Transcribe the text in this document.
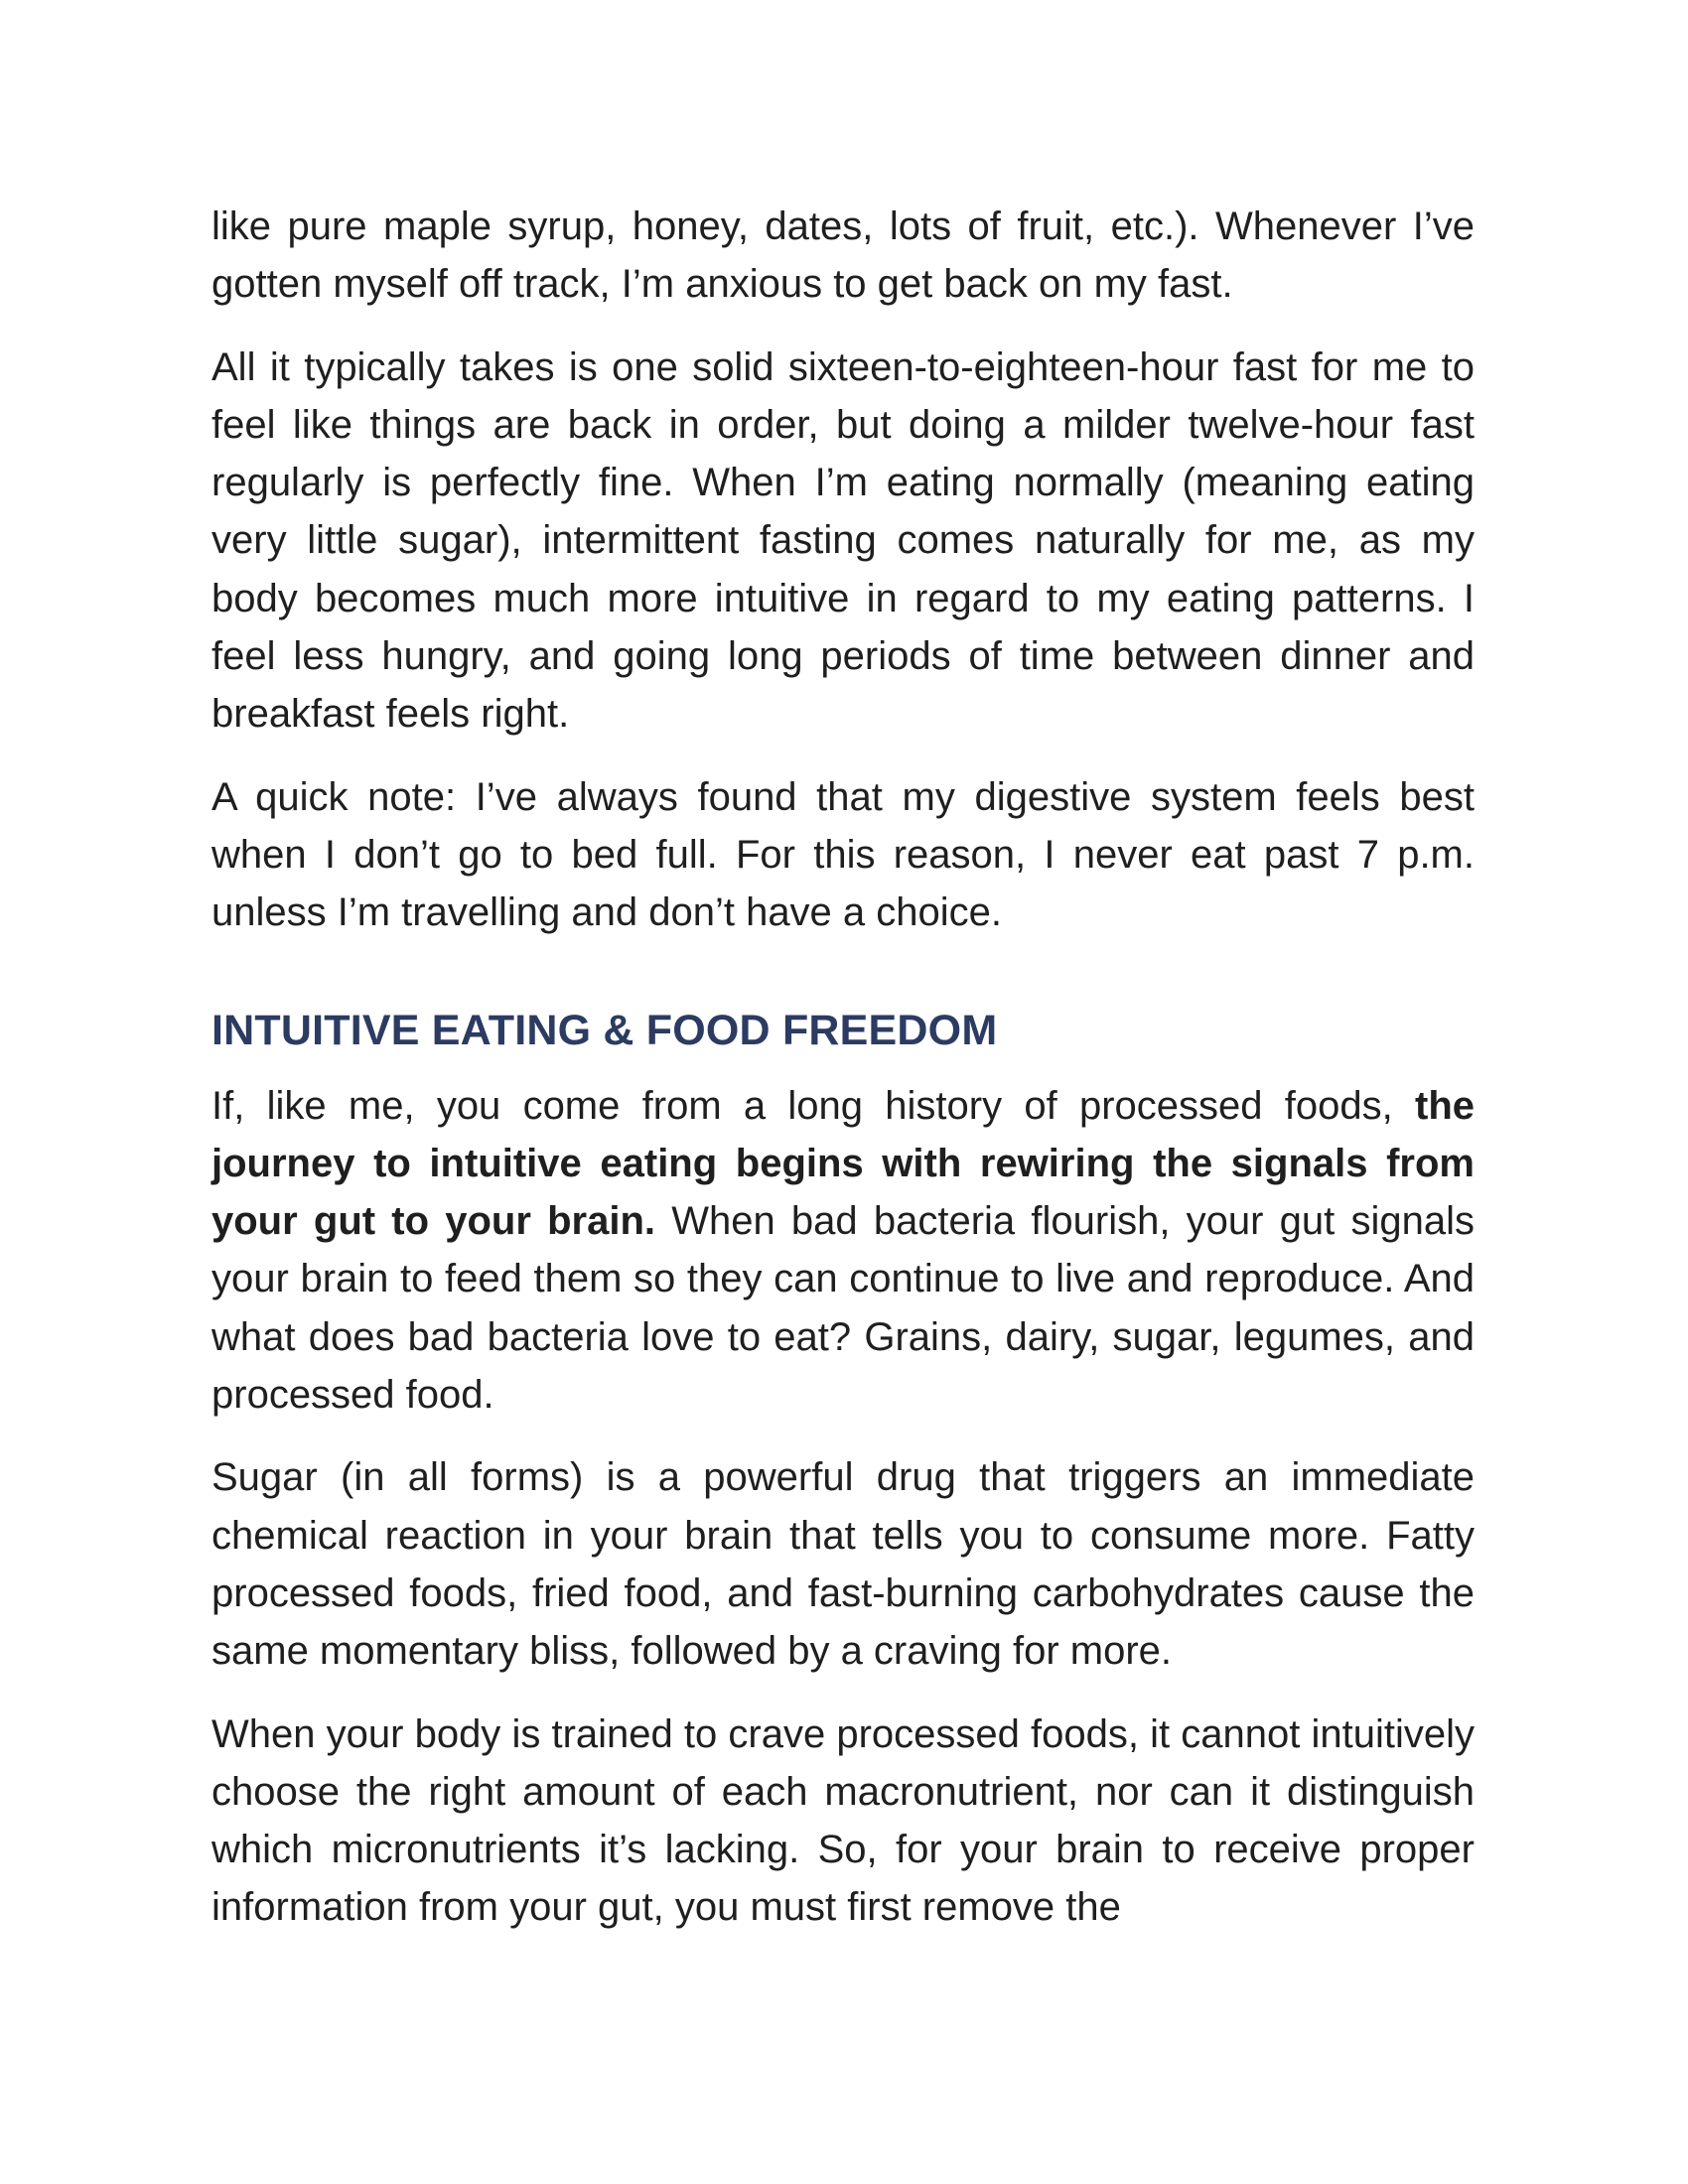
like pure maple syrup, honey, dates, lots of fruit, etc.). Whenever I’ve gotten myself off track, I’m anxious to get back on my fast.

All it typically takes is one solid sixteen-to-eighteen-hour fast for me to feel like things are back in order, but doing a milder twelve-hour fast regularly is perfectly fine. When I’m eating normally (meaning eating very little sugar), intermittent fasting comes naturally for me, as my body becomes much more intuitive in regard to my eating patterns. I feel less hungry, and going long periods of time between dinner and breakfast feels right.

A quick note: I’ve always found that my digestive system feels best when I don’t go to bed full. For this reason, I never eat past 7 p.m. unless I’m travelling and don’t have a choice.

INTUITIVE EATING & FOOD FREEDOM

If, like me, you come from a long history of processed foods, the journey to intuitive eating begins with rewiring the signals from your gut to your brain. When bad bacteria flourish, your gut signals your brain to feed them so they can continue to live and reproduce. And what does bad bacteria love to eat? Grains, dairy, sugar, legumes, and processed food.

Sugar (in all forms) is a powerful drug that triggers an immediate chemical reaction in your brain that tells you to consume more. Fatty processed foods, fried food, and fast-burning carbohydrates cause the same momentary bliss, followed by a craving for more.

When your body is trained to crave processed foods, it cannot intuitively choose the right amount of each macronutrient, nor can it distinguish which micronutrients it’s lacking. So, for your brain to receive proper information from your gut, you must first remove the
